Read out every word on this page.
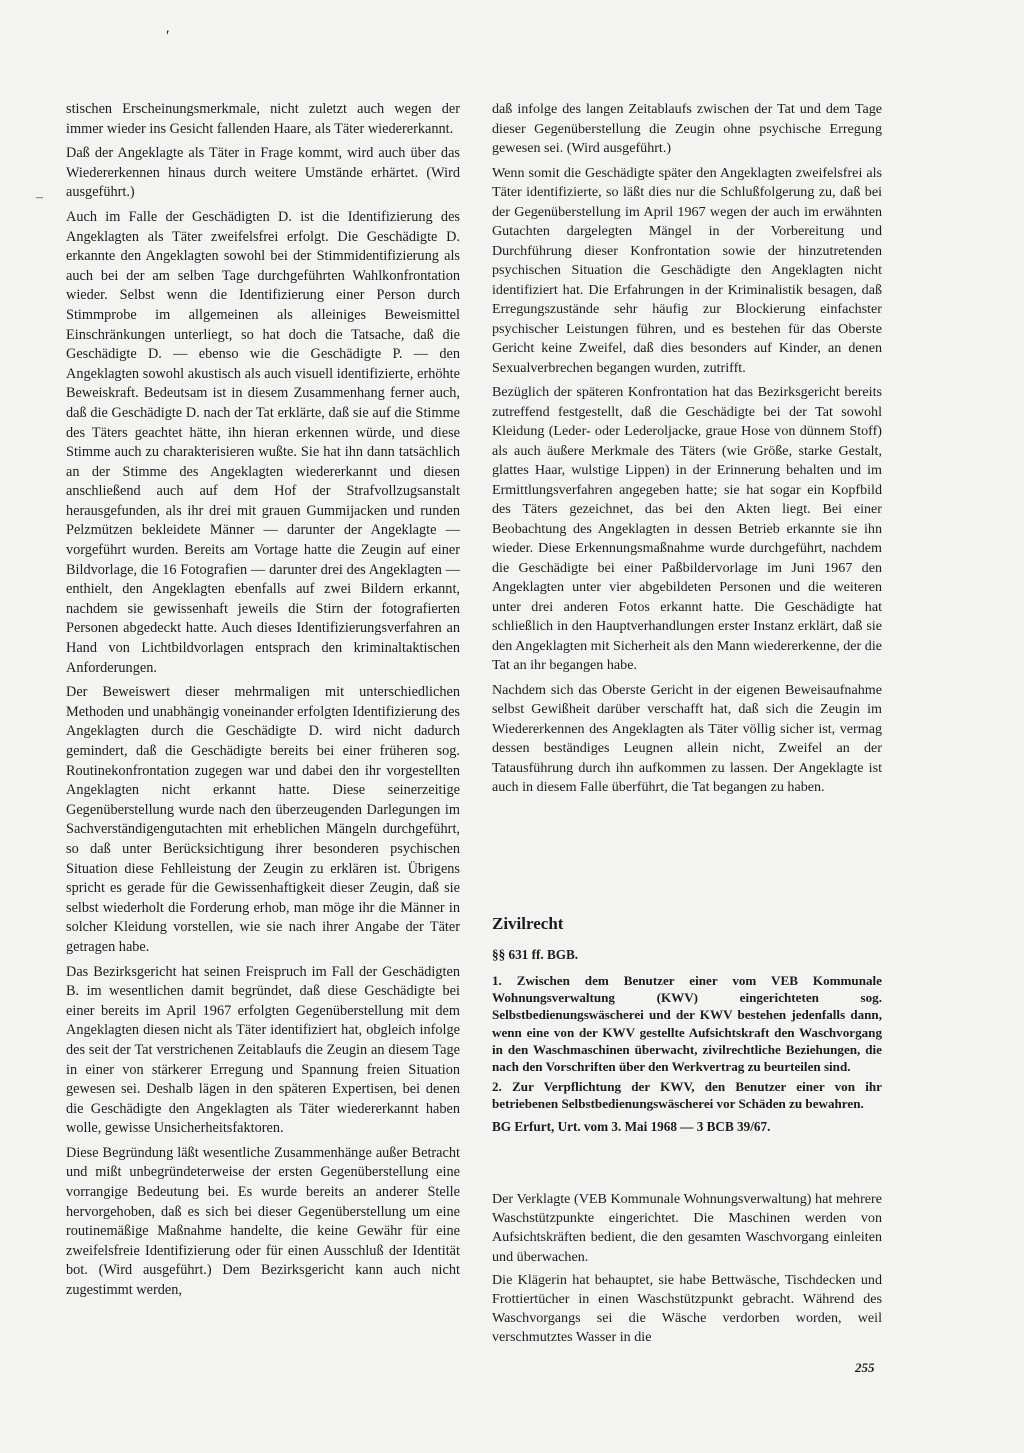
′
–

stischen Erscheinungsmerkmale, nicht zuletzt auch wegen der immer wieder ins Gesicht fallenden Haare, als Täter wiedererkannt.

Daß der Angeklagte als Täter in Frage kommt, wird auch über das Wiedererkennen hinaus durch weitere Umstände erhärtet. (Wird ausgeführt.)

Auch im Falle der Geschädigten D. ist die Identifizierung des Angeklagten als Täter zweifelsfrei erfolgt. Die Geschädigte D. erkannte den Angeklagten sowohl bei der Stimmidentifizierung als auch bei der am selben Tage durchgeführten Wahlkonfrontation wieder. Selbst wenn die Identifizierung einer Person durch Stimmprobe im allgemeinen als alleiniges Beweismittel Einschränkungen unterliegt, so hat doch die Tatsache, daß die Geschädigte D. — ebenso wie die Geschädigte P. — den Angeklagten sowohl akustisch als auch visuell identifizierte, erhöhte Beweiskraft. Bedeutsam ist in diesem Zusammenhang ferner auch, daß die Geschädigte D. nach der Tat erklärte, daß sie auf die Stimme des Täters geachtet hätte, ihn hieran erkennen würde, und diese Stimme auch zu charakterisieren wußte. Sie hat ihn dann tatsächlich an der Stimme des Angeklagten wiedererkannt und diesen anschließend auch auf dem Hof der Strafvollzugsanstalt herausgefunden, als ihr drei mit grauen Gummijacken und runden Pelzmützen bekleidete Männer — darunter der Angeklagte — vorgeführt wurden. Bereits am Vortage hatte die Zeugin auf einer Bildvorlage, die 16 Fotografien — darunter drei des Angeklagten — enthielt, den Angeklagten ebenfalls auf zwei Bildern erkannt, nachdem sie gewissenhaft jeweils die Stirn der fotografierten Personen abgedeckt hatte. Auch dieses Identifizierungsverfahren an Hand von Lichtbildvorlagen entsprach den kriminaltaktischen Anforderungen.

Der Beweiswert dieser mehrmaligen mit unterschiedlichen Methoden und unabhängig voneinander erfolgten Identifizierung des Angeklagten durch die Geschädigte D. wird nicht dadurch gemindert, daß die Geschädigte bereits bei einer früheren sog. Routinekonfrontation zugegen war und dabei den ihr vorgestellten Angeklagten nicht erkannt hatte. Diese seinerzeitige Gegenüberstellung wurde nach den überzeugenden Darlegungen im Sachverständigengutachten mit erheblichen Mängeln durchgeführt, so daß unter Berücksichtigung ihrer besonderen psychischen Situation diese Fehlleistung der Zeugin zu erklären ist. Übrigens spricht es gerade für die Gewissenhaftigkeit dieser Zeugin, daß sie selbst wiederholt die Forderung erhob, man möge ihr die Männer in solcher Kleidung vorstellen, wie sie nach ihrer Angabe der Täter getragen habe.

Das Bezirksgericht hat seinen Freispruch im Fall der Geschädigten B. im wesentlichen damit begründet, daß diese Geschädigte bei einer bereits im April 1967 erfolgten Gegenüberstellung mit dem Angeklagten diesen nicht als Täter identifiziert hat, obgleich infolge des seit der Tat verstrichenen Zeitablaufs die Zeugin an diesem Tage in einer von stärkerer Erregung und Spannung freien Situation gewesen sei. Deshalb lägen in den späteren Expertisen, bei denen die Geschädigte den Angeklagten als Täter wiedererkannt haben wolle, gewisse Unsicherheitsfaktoren.

Diese Begründung läßt wesentliche Zusammenhänge außer Betracht und mißt unbegründeterweise der ersten Gegenüberstellung eine vorrangige Bedeutung bei. Es wurde bereits an anderer Stelle hervorgehoben, daß es sich bei dieser Gegenüberstellung um eine routinemäßige Maßnahme handelte, die keine Gewähr für eine zweifelsfreie Identifizierung oder für einen Ausschluß der Identität bot. (Wird ausgeführt.) Dem Bezirksgericht kann auch nicht zugestimmt werden,

daß infolge des langen Zeitablaufs zwischen der Tat und dem Tage dieser Gegenüberstellung die Zeugin ohne psychische Erregung gewesen sei. (Wird ausgeführt.)

Wenn somit die Geschädigte später den Angeklagten zweifelsfrei als Täter identifizierte, so läßt dies nur die Schlußfolgerung zu, daß bei der Gegenüberstellung im April 1967 wegen der auch im erwähnten Gutachten dargelegten Mängel in der Vorbereitung und Durchführung dieser Konfrontation sowie der hinzutretenden psychischen Situation die Geschädigte den Angeklagten nicht identifiziert hat. Die Erfahrungen in der Kriminalistik besagen, daß Erregungszustände sehr häufig zur Blockierung einfachster psychischer Leistungen führen, und es bestehen für das Oberste Gericht keine Zweifel, daß dies besonders auf Kinder, an denen Sexualverbrechen begangen wurden, zutrifft.

Bezüglich der späteren Konfrontation hat das Bezirksgericht bereits zutreffend festgestellt, daß die Geschädigte bei der Tat sowohl Kleidung (Leder- oder Lederoljacke, graue Hose von dünnem Stoff) als auch äußere Merkmale des Täters (wie Größe, starke Gestalt, glattes Haar, wulstige Lippen) in der Erinnerung behalten und im Ermittlungsverfahren angegeben hatte; sie hat sogar ein Kopfbild des Täters gezeichnet, das bei den Akten liegt. Bei einer Beobachtung des Angeklagten in dessen Betrieb erkannte sie ihn wieder. Diese Erkennungsmaßnahme wurde durchgeführt, nachdem die Geschädigte bei einer Paßbildervorlage im Juni 1967 den Angeklagten unter vier abgebildeten Personen und die weiteren unter drei anderen Fotos erkannt hatte. Die Geschädigte hat schließlich in den Hauptverhandlungen erster Instanz erklärt, daß sie den Angeklagten mit Sicherheit als den Mann wiedererkenne, der die Tat an ihr begangen habe.

Nachdem sich das Oberste Gericht in der eigenen Beweisaufnahme selbst Gewißheit darüber verschafft hat, daß sich die Zeugin im Wiedererkennen des Angeklagten als Täter völlig sicher ist, vermag dessen beständiges Leugnen allein nicht, Zweifel an der Tatausführung durch ihn aufkommen zu lassen. Der Angeklagte ist auch in diesem Falle überführt, die Tat begangen zu haben.

Zivilrecht

§§ 631 ff. BGB.

1. Zwischen dem Benutzer einer vom VEB Kommunale Wohnungsverwaltung (KWV) eingerichteten sog. Selbstbedienungswäscherei und der KWV bestehen jedenfalls dann, wenn eine von der KWV gestellte Aufsichtskraft den Waschvorgang in den Waschmaschinen überwacht, zivilrechtliche Beziehungen, die nach den Vorschriften über den Werkvertrag zu beurteilen sind.

2. Zur Verpflichtung der KWV, den Benutzer einer von ihr betriebenen Selbstbedienungswäscherei vor Schäden zu bewahren.

BG Erfurt, Urt. vom 3. Mai 1968 — 3 BCB 39/67.

Der Verklagte (VEB Kommunale Wohnungsverwaltung) hat mehrere Waschstützpunkte eingerichtet. Die Maschinen werden von Aufsichtskräften bedient, die den gesamten Waschvorgang einleiten und überwachen.

Die Klägerin hat behauptet, sie habe Bettwäsche, Tischdecken und Frottiertücher in einen Waschstützpunkt gebracht. Während des Waschvorgangs sei die Wäsche verdorben worden, weil verschmutztes Wasser in die

255
